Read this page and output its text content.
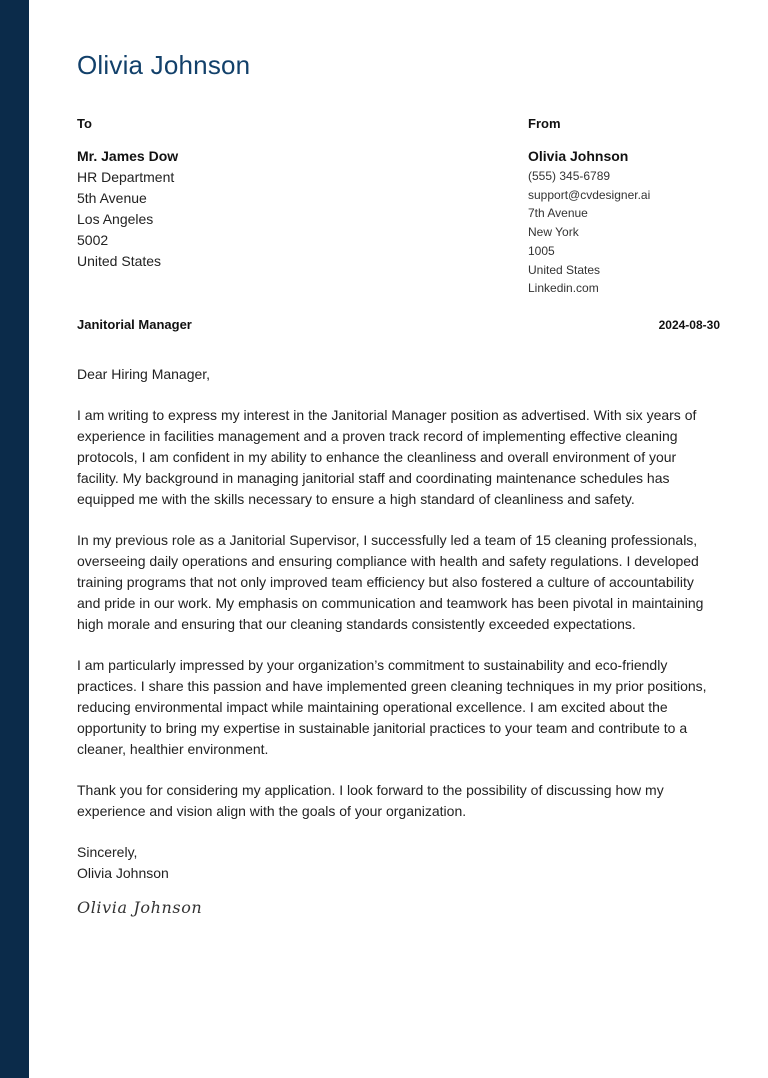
Olivia Johnson
To
Mr. James Dow
HR Department
5th Avenue
Los Angeles
5002
United States
From
Olivia Johnson
(555) 345-6789
support@cvdesigner.ai
7th Avenue
New York
1005
United States
Linkedin.com
Janitorial Manager	2024-08-30

Dear Hiring Manager,

I am writing to express my interest in the Janitorial Manager position as advertised. With six years of experience in facilities management and a proven track record of implementing effective cleaning protocols, I am confident in my ability to enhance the cleanliness and overall environment of your facility. My background in managing janitorial staff and coordinating maintenance schedules has equipped me with the skills necessary to ensure a high standard of cleanliness and safety.

In my previous role as a Janitorial Supervisor, I successfully led a team of 15 cleaning professionals, overseeing daily operations and ensuring compliance with health and safety regulations. I developed training programs that not only improved team efficiency but also fostered a culture of accountability and pride in our work. My emphasis on communication and teamwork has been pivotal in maintaining high morale and ensuring that our cleaning standards consistently exceeded expectations.

I am particularly impressed by your organization’s commitment to sustainability and eco-friendly practices. I share this passion and have implemented green cleaning techniques in my prior positions, reducing environmental impact while maintaining operational excellence. I am excited about the opportunity to bring my expertise in sustainable janitorial practices to your team and contribute to a cleaner, healthier environment.

Thank you for considering my application. I look forward to the possibility of discussing how my experience and vision align with the goals of your organization.

Sincerely,
Olivia Johnson
Olivia Johnson
